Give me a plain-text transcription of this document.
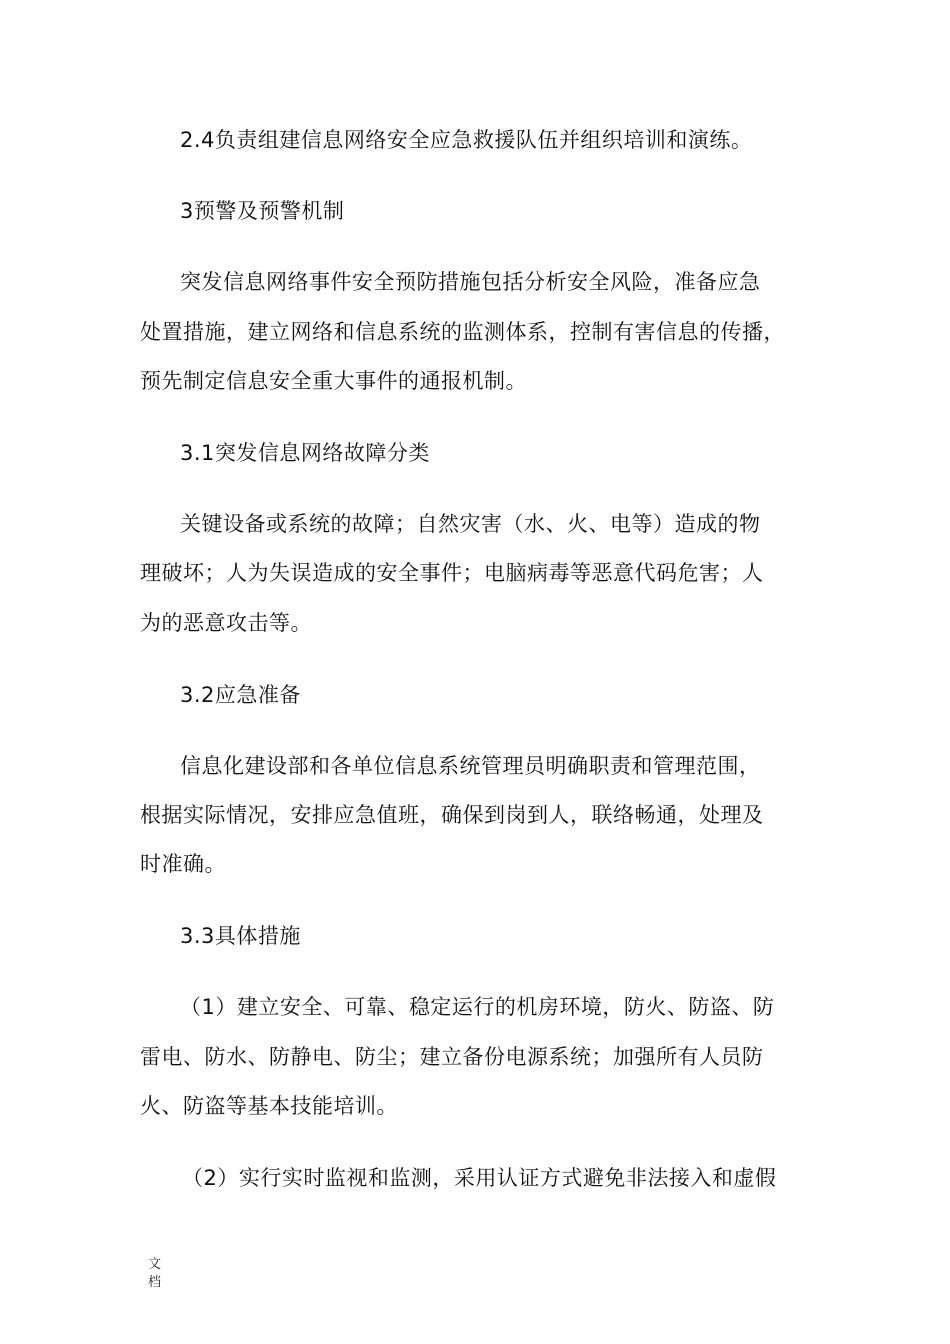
2.4负责组建信息网络安全应急救援队伍并组织培训和演练。
3预警及预警机制
突发信息网络事件安全预防措施包括分析安全风险，准备应急
处置措施，建立网络和信息系统的监测体系，控制有害信息的传播，
预先制定信息安全重大事件的通报机制。
3.1突发信息网络故障分类
关键设备或系统的故障；自然灾害（水、火、电等）造成的物
理破坏；人为失误造成的安全事件；电脑病毒等恶意代码危害；人
为的恶意攻击等。
3.2应急准备
信息化建设部和各单位信息系统管理员明确职责和管理范围，
根据实际情况，安排应急值班，确保到岗到人，联络畅通，处理及
时准确。
3.3具体措施
（1）建立安全、可靠、稳定运行的机房环境，防火、防盗、防
雷电、防水、防静电、防尘；建立备份电源系统；加强所有人员防
火、防盗等基本技能培训。
（2）实行实时监视和监测，采用认证方式避免非法接入和虚假
文
档
